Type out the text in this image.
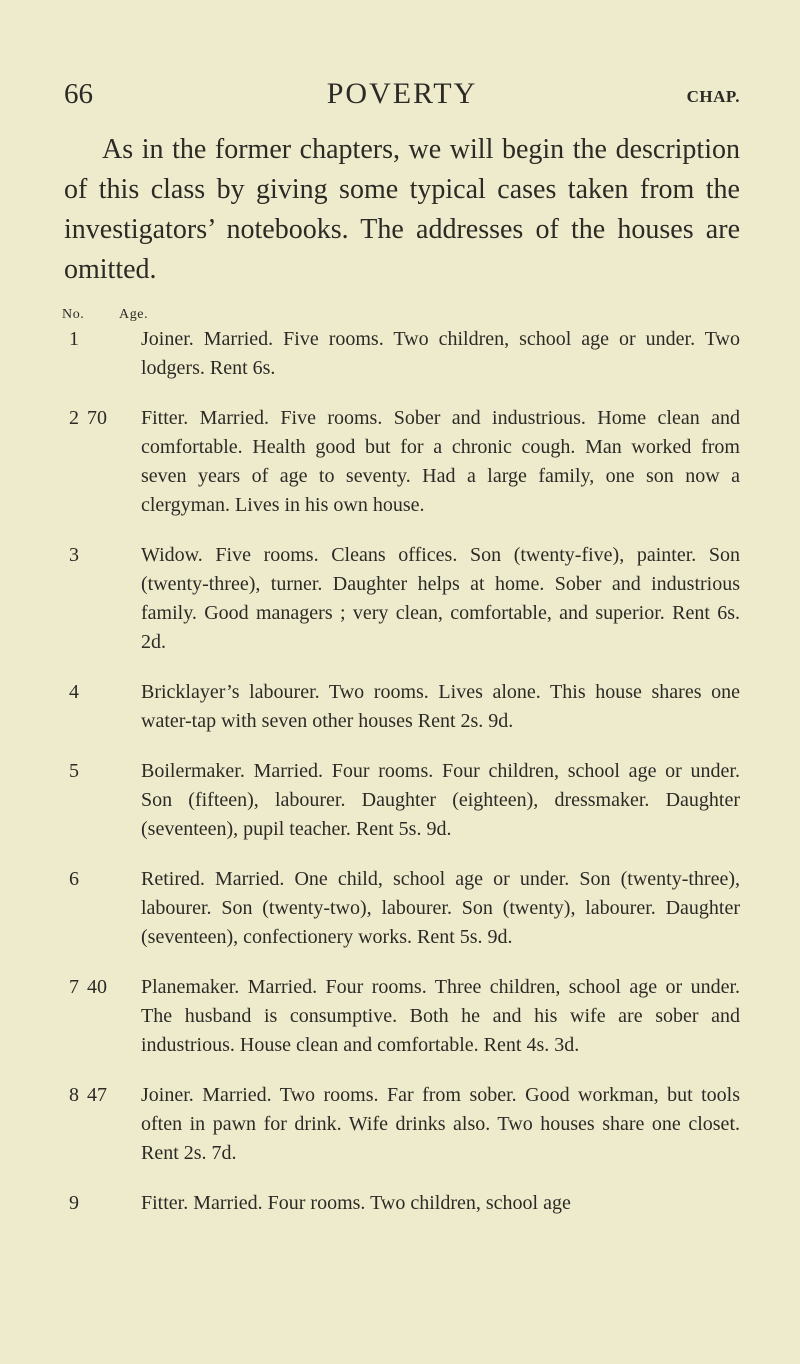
66	POVERTY	CHAP.

As in the former chapters, we will begin the description of this class by giving some typical cases taken from the investigators’ notebooks. The addresses of the houses are omitted.

No. Age.
1	Joiner. Married. Five rooms. Two children, school age or under. Two lodgers. Rent 6s.

2 70	Fitter. Married. Five rooms. Sober and industrious. Home clean and comfortable. Health good but for a chronic cough. Man worked from seven years of age to seventy. Had a large family, one son now a clergyman. Lives in his own house.

3	Widow. Five rooms. Cleans offices. Son (twenty-five), painter. Son (twenty-three), turner. Daughter helps at home. Sober and industrious family. Good managers ; very clean, comfortable, and superior. Rent 6s. 2d.

4	Bricklayer’s labourer. Two rooms. Lives alone. This house shares one water-tap with seven other houses Rent 2s. 9d.

5	Boilermaker. Married. Four rooms. Four children, school age or under. Son (fifteen), labourer. Daughter (eighteen), dressmaker. Daughter (seventeen), pupil teacher. Rent 5s. 9d.

6	Retired. Married. One child, school age or under. Son (twenty-three), labourer. Son (twenty-two), labourer. Son (twenty), labourer. Daughter (seventeen), confectionery works. Rent 5s. 9d.

7 40	Planemaker. Married. Four rooms. Three children, school age or under. The husband is consumptive. Both he and his wife are sober and industrious. House clean and comfortable. Rent 4s. 3d.

8 47	Joiner. Married. Two rooms. Far from sober. Good workman, but tools often in pawn for drink. Wife drinks also. Two houses share one closet. Rent 2s. 7d.

9	Fitter. Married. Four rooms. Two children, school age
